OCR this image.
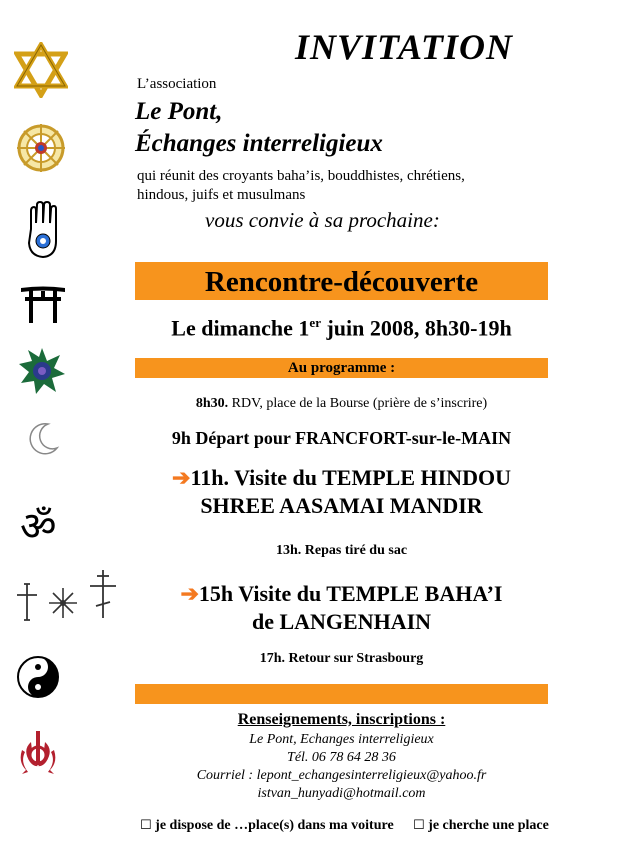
ॐ
INVITATION
L’association
Le Pont,
Échanges interreligieux
qui réunit des croyants baha’is, bouddhistes, chrétiens, hindous, juifs et musulmans
vous convie à sa prochaine:
Rencontre-découverte
Le dimanche 1er juin 2008, 8h30-19h
Au programme :
8h30. RDV, place de la Bourse (prière de s’inscrire)
9h Départ pour FRANCFORT-sur-le-MAIN
➔11h. Visite du TEMPLE HINDOU
SHREE AASAMAI MANDIR
13h. Repas tiré du sac
➔15h Visite du TEMPLE BAHA’I
de LANGENHAIN
17h. Retour sur Strasbourg
Renseignements, inscriptions :
Le Pont, Echanges interreligieux
Tél. 06 78 64 28 36
Courriel : lepont_echangesinterreligieux@yahoo.fr
istvan_hunyadi@hotmail.com
☐ je dispose de …place(s) dans ma voiture ☐ je cherche une place
